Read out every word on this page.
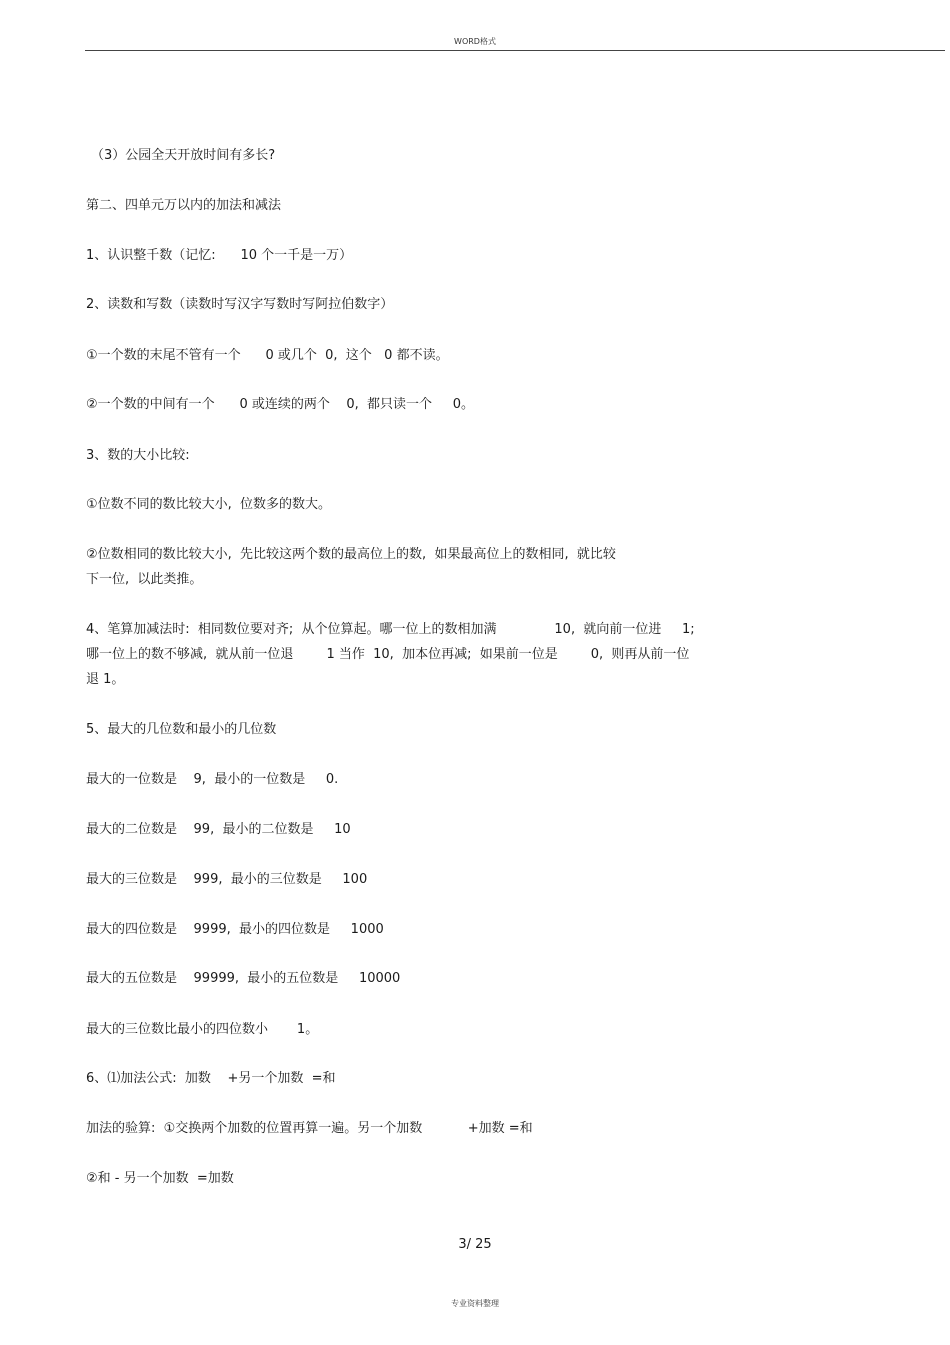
WORD格式
（3）公园全天开放时间有多长?
第二、四单元万以内的加法和减法
1、认识整千数（记忆:      10 个一千是一万）
2、读数和写数（读数时写汉字写数时写阿拉伯数字）
①一个数的末尾不管有一个      0 或几个  0,  这个   0 都不读。
②一个数的中间有一个      0 或连续的两个    0,  都只读一个     0。
3、数的大小比较:
①位数不同的数比较大小,  位数多的数大。
②位数相同的数比较大小,  先比较这两个数的最高位上的数,  如果最高位上的数相同,  就比较
下一位,  以此类推。
4、笔算加减法时:  相同数位要对齐;  从个位算起。哪一位上的数相加满              10,  就向前一位进     1;
哪一位上的数不够减,  就从前一位退        1 当作  10,  加本位再减;  如果前一位是        0,  则再从前一位
退 1。
5、最大的几位数和最小的几位数
最大的一位数是    9,  最小的一位数是     0.
最大的二位数是    99,  最小的二位数是     10
最大的三位数是    999,  最小的三位数是     100
最大的四位数是    9999,  最小的四位数是     1000
最大的五位数是    99999,  最小的五位数是     10000
最大的三位数比最小的四位数小       1。
6、⑴加法公式:  加数    +另一个加数  =和
加法的验算:  ①交换两个加数的位置再算一遍。另一个加数           +加数 =和
②和 - 另一个加数  =加数
3/ 25
专业资料整理
